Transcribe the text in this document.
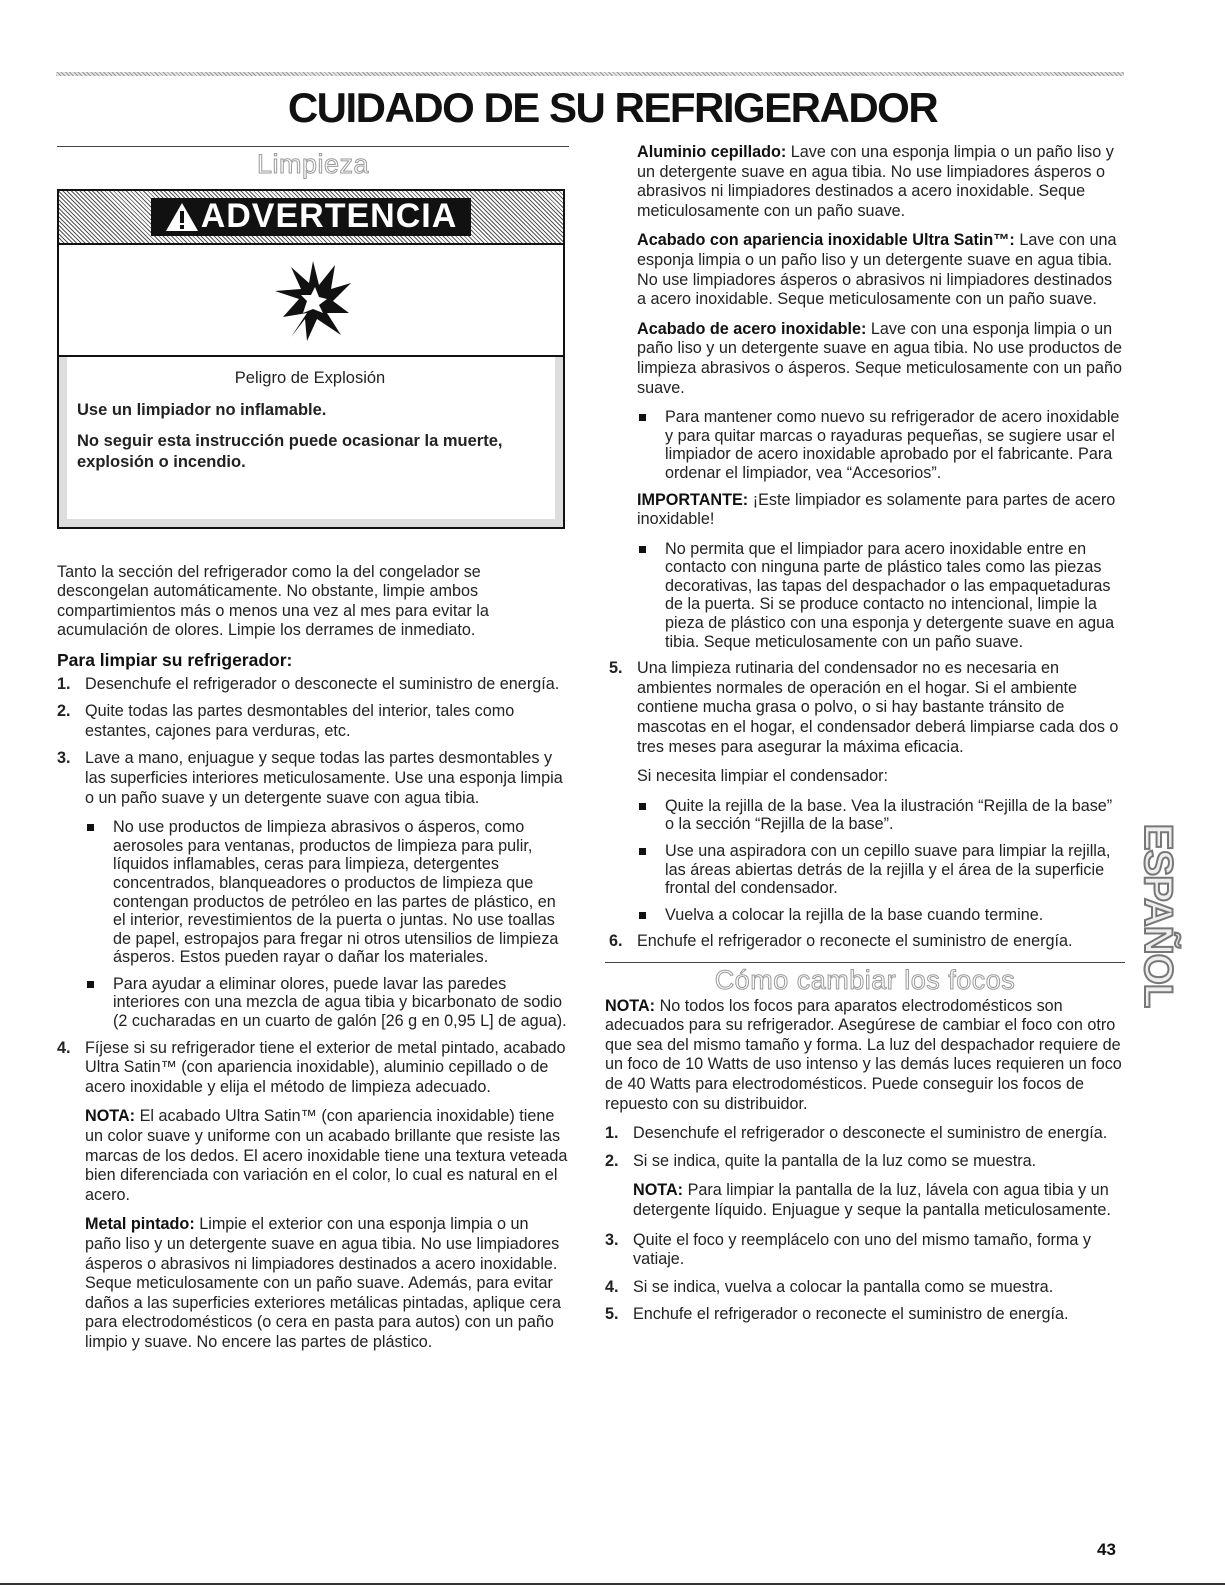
CUIDADO DE SU REFRIGERADOR
Limpieza
ADVERTENCIA
Peligro de Explosión
Use un limpiador no inflamable.
No seguir esta instrucción puede ocasionar la muerte, explosión o incendio.

Tanto la sección del refrigerador como la del congelador se descongelan automáticamente. No obstante, limpie ambos compartimientos más o menos una vez al mes para evitar la acumulación de olores. Limpie los derrames de inmediato.

Para limpiar su refrigerador:
1. Desenchufe el refrigerador o desconecte el suministro de energía.
2. Quite todas las partes desmontables del interior, tales como estantes, cajones para verduras, etc.
3. Lave a mano, enjuague y seque todas las partes desmontables y las superficies interiores meticulosamente. Use una esponja limpia o un paño suave y un detergente suave con agua tibia.

No use productos de limpieza abrasivos o ásperos, como aerosoles para ventanas, productos de limpieza para pulir, líquidos inflamables, ceras para limpieza, detergentes concentrados, blanqueadores o productos de limpieza que contengan productos de petróleo en las partes de plástico, en el interior, revestimientos de la puerta o juntas. No use toallas de papel, estropajos para fregar ni otros utensilios de limpieza ásperos. Estos pueden rayar o dañar los materiales.
Para ayudar a eliminar olores, puede lavar las paredes interiores con una mezcla de agua tibia y bicarbonato de sodio (2 cucharadas en un cuarto de galón [26 g en 0,95 L] de agua).
4. Fíjese si su refrigerador tiene el exterior de metal pintado, acabado Ultra Satin™ (con apariencia inoxidable), aluminio cepillado o de acero inoxidable y elija el método de limpieza adecuado.

NOTA: El acabado Ultra Satin™ (con apariencia inoxidable) tiene un color suave y uniforme con un acabado brillante que resiste las marcas de los dedos. El acero inoxidable tiene una textura veteada bien diferenciada con variación en el color, lo cual es natural en el acero.

Metal pintado: Limpie el exterior con una esponja limpia o un paño liso y un detergente suave en agua tibia. No use limpiadores ásperos o abrasivos ni limpiadores destinados a acero inoxidable. Seque meticulosamente con un paño suave. Además, para evitar daños a las superficies exteriores metálicas pintadas, aplique cera para electrodomésticos (o cera en pasta para autos) con un paño limpio y suave. No encere las partes de plástico.

Aluminio cepillado: Lave con una esponja limpia o un paño liso y un detergente suave en agua tibia. No use limpiadores ásperos o abrasivos ni limpiadores destinados a acero inoxidable. Seque meticulosamente con un paño suave.

Acabado con apariencia inoxidable Ultra Satin™: Lave con una esponja limpia o un paño liso y un detergente suave en agua tibia. No use limpiadores ásperos o abrasivos ni limpiadores destinados a acero inoxidable. Seque meticulosamente con un paño suave.

Acabado de acero inoxidable: Lave con una esponja limpia o un paño liso y un detergente suave en agua tibia. No use productos de limpieza abrasivos o ásperos. Seque meticulosamente con un paño suave.

Para mantener como nuevo su refrigerador de acero inoxidable y para quitar marcas o rayaduras pequeñas, se sugiere usar el limpiador de acero inoxidable aprobado por el fabricante. Para ordenar el limpiador, vea “Accesorios”.

IMPORTANTE: ¡Este limpiador es solamente para partes de acero inoxidable!

No permita que el limpiador para acero inoxidable entre en contacto con ninguna parte de plástico tales como las piezas decorativas, las tapas del despachador o las empaquetaduras de la puerta. Si se produce contacto no intencional, limpie la pieza de plástico con una esponja y detergente suave en agua tibia. Seque meticulosamente con un paño suave.
5. Una limpieza rutinaria del condensador no es necesaria en ambientes normales de operación en el hogar. Si el ambiente contiene mucha grasa o polvo, o si hay bastante tránsito de mascotas en el hogar, el condensador deberá limpiarse cada dos o tres meses para asegurar la máxima eficacia.

Si necesita limpiar el condensador:

Quite la rejilla de la base. Vea la ilustración “Rejilla de la base” o la sección “Rejilla de la base”.
Use una aspiradora con un cepillo suave para limpiar la rejilla, las áreas abiertas detrás de la rejilla y el área de la superficie frontal del condensador.
Vuelva a colocar la rejilla de la base cuando termine.
6. Enchufe el refrigerador o reconecte el suministro de energía.
Cómo cambiar los focos

NOTA: No todos los focos para aparatos electrodomésticos son adecuados para su refrigerador. Asegúrese de cambiar el foco con otro que sea del mismo tamaño y forma. La luz del despachador requiere de un foco de 10 Watts de uso intenso y las demás luces requieren un foco de 40 Watts para electrodomésticos. Puede conseguir los focos de repuesto con su distribuidor.

1. Desenchufe el refrigerador o desconecte el suministro de energía.
2. Si se indica, quite la pantalla de la luz como se muestra.

NOTA: Para limpiar la pantalla de la luz, lávela con agua tibia y un detergente líquido. Enjuague y seque la pantalla meticulosamente.

3. Quite el foco y reemplácelo con uno del mismo tamaño, forma y vatiaje.
4. Si se indica, vuelva a colocar la pantalla como se muestra.
5. Enchufe el refrigerador o reconecte el suministro de energía.
ESPAÑOL
43
